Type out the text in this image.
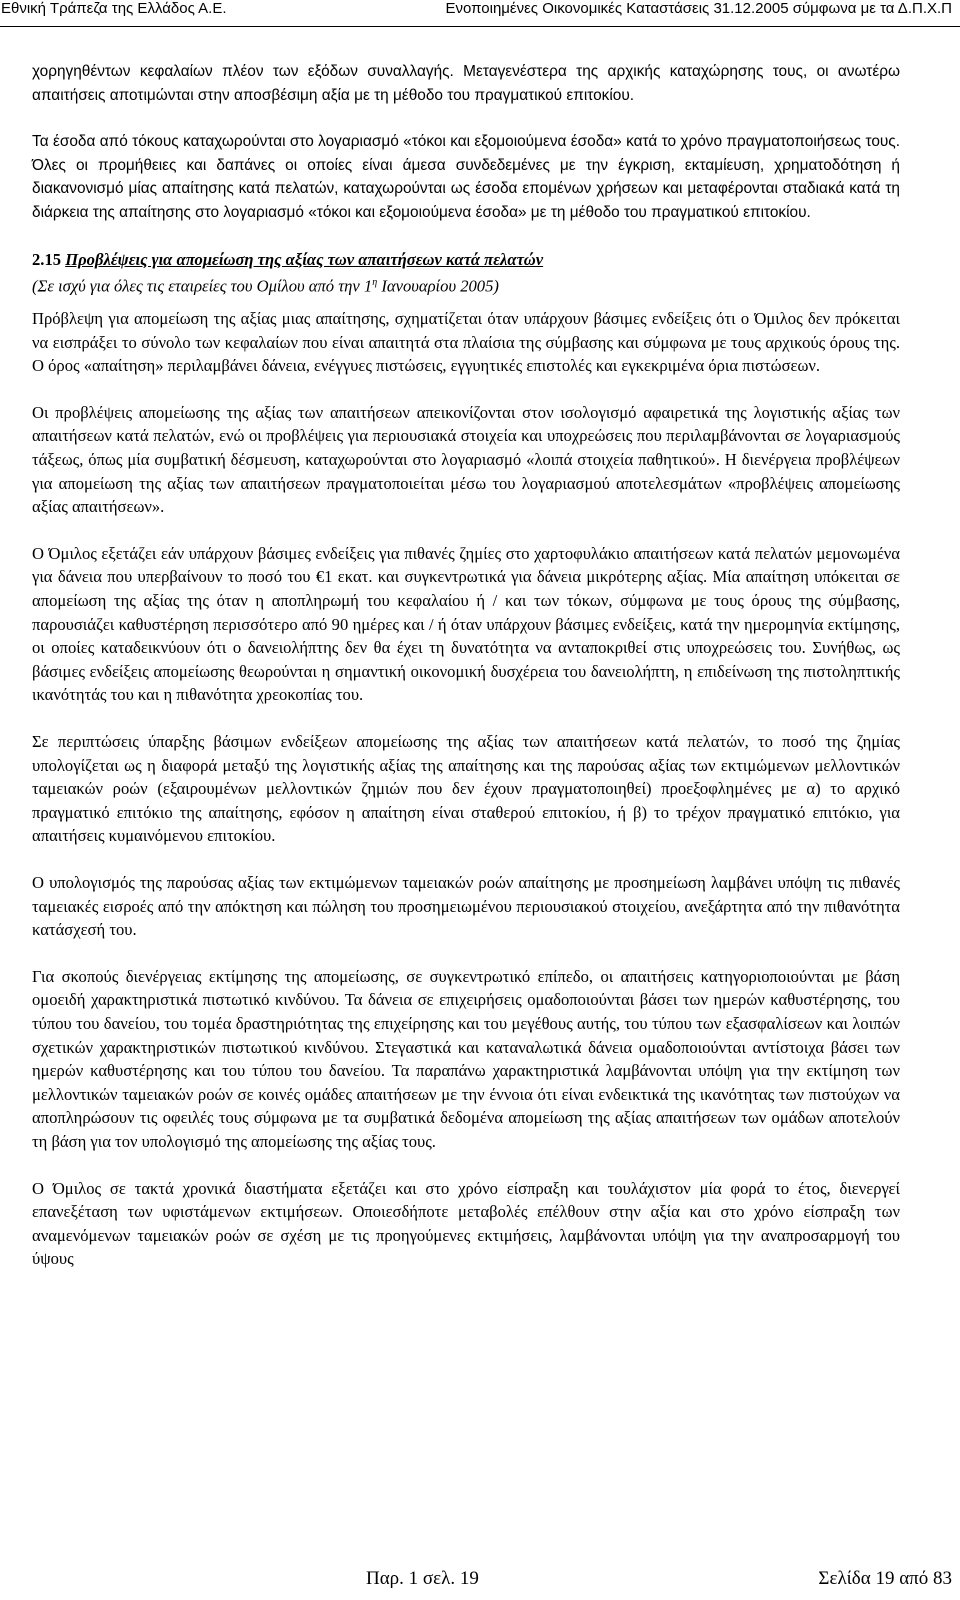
Εθνική Τράπεζα της Ελλάδος Α.Ε.	Ενοποιημένες Οικονομικές Καταστάσεις 31.12.2005 σύμφωνα με τα Δ.Π.Χ.Π

χορηγηθέντων κεφαλαίων πλέον των εξόδων συναλλαγής. Μεταγενέστερα της αρχικής καταχώρησης τους, οι ανωτέρω απαιτήσεις αποτιμώνται στην αποσβέσιμη αξία με τη μέθοδο του πραγματικού επιτοκίου.

Τα έσοδα από τόκους καταχωρούνται στο λογαριασμό «τόκοι και εξομοιούμενα έσοδα» κατά το χρόνο πραγματοποιήσεως τους. Όλες οι προμήθειες και δαπάνες οι οποίες είναι άμεσα συνδεδεμένες με την έγκριση, εκταμίευση, χρηματοδότηση ή διακανονισμό μίας απαίτησης κατά πελατών, καταχωρούνται ως έσοδα επομένων χρήσεων και μεταφέρονται σταδιακά κατά τη διάρκεια της απαίτησης στο λογαριασμό «τόκοι και εξομοιούμενα έσοδα» με τη μέθοδο του πραγματικού επιτοκίου.

2.15 Προβλέψεις για απομείωση της αξίας των απαιτήσεων κατά πελατών
(Σε ισχύ για όλες τις εταιρείες του Ομίλου από την $1^\eta$ Ιανουαρίου 2005)

Πρόβλεψη για απομείωση της αξίας μιας απαίτησης, σχηματίζεται όταν υπάρχουν βάσιμες ενδείξεις ότι ο Όμιλος δεν πρόκειται να εισπράξει το σύνολο των κεφαλαίων που είναι απαιτητά στα πλαίσια της σύμβασης και σύμφωνα με τους αρχικούς όρους της. Ο όρος «απαίτηση» περιλαμβάνει δάνεια, ενέγγυες πιστώσεις, εγγυητικές επιστολές και εγκεκριμένα όρια πιστώσεων.

Οι προβλέψεις απομείωσης της αξίας των απαιτήσεων απεικονίζονται στον ισολογισμό αφαιρετικά της λογιστικής αξίας των απαιτήσεων κατά πελατών, ενώ οι προβλέψεις για περιουσιακά στοιχεία και υποχρεώσεις που περιλαμβάνονται σε λογαριασμούς τάξεως, όπως μία συμβατική δέσμευση, καταχωρούνται στο λογαριασμό «λοιπά στοιχεία παθητικού». Η διενέργεια προβλέψεων για απομείωση της αξίας των απαιτήσεων πραγματοποιείται μέσω του λογαριασμού αποτελεσμάτων «προβλέψεις απομείωσης αξίας απαιτήσεων».

Ο Όμιλος εξετάζει εάν υπάρχουν βάσιμες ενδείξεις για πιθανές ζημίες στο χαρτοφυλάκιο απαιτήσεων κατά πελατών μεμονωμένα για δάνεια που υπερβαίνουν το ποσό του €1 εκατ. και συγκεντρωτικά για δάνεια μικρότερης αξίας. Μία απαίτηση υπόκειται σε απομείωση της αξίας της όταν η αποπληρωμή του κεφαλαίου ή / και των τόκων, σύμφωνα με τους όρους της σύμβασης, παρουσιάζει καθυστέρηση περισσότερο από 90 ημέρες και / ή όταν υπάρχουν βάσιμες ενδείξεις, κατά την ημερομηνία εκτίμησης, οι οποίες καταδεικνύουν ότι ο δανειολήπτης δεν θα έχει τη δυνατότητα να ανταποκριθεί στις υποχρεώσεις του. Συνήθως, ως βάσιμες ενδείξεις απομείωσης θεωρούνται η σημαντική οικονομική δυσχέρεια του δανειολήπτη, η επιδείνωση της πιστοληπτικής ικανότητάς του και η πιθανότητα χρεοκοπίας του.

Σε περιπτώσεις ύπαρξης βάσιμων ενδείξεων απομείωσης της αξίας των απαιτήσεων κατά πελατών, το ποσό της ζημίας υπολογίζεται ως η διαφορά μεταξύ της λογιστικής αξίας της απαίτησης και της παρούσας αξίας των εκτιμώμενων μελλοντικών ταμειακών ροών (εξαιρουμένων μελλοντικών ζημιών που δεν έχουν πραγματοποιηθεί) προεξοφλημένες με α) το αρχικό πραγματικό επιτόκιο της απαίτησης, εφόσον η απαίτηση είναι σταθερού επιτοκίου, ή β) το τρέχον πραγματικό επιτόκιο, για απαιτήσεις κυμαινόμενου επιτοκίου.

Ο υπολογισμός της παρούσας αξίας των εκτιμώμενων ταμειακών ροών απαίτησης με προσημείωση λαμβάνει υπόψη τις πιθανές ταμειακές εισροές από την απόκτηση και πώληση του προσημειωμένου περιουσιακού στοιχείου, ανεξάρτητα από την πιθανότητα κατάσχεσή του.

Για σκοπούς διενέργειας εκτίμησης της απομείωσης, σε συγκεντρωτικό επίπεδο, οι απαιτήσεις κατηγοριοποιούνται με βάση ομοειδή χαρακτηριστικά πιστωτικό κινδύνου. Τα δάνεια σε επιχειρήσεις ομαδοποιούνται βάσει των ημερών καθυστέρησης, του τύπου του δανείου, του τομέα δραστηριότητας της επιχείρησης και του μεγέθους αυτής, του τύπου των εξασφαλίσεων και λοιπών σχετικών χαρακτηριστικών πιστωτικού κινδύνου. Στεγαστικά και καταναλωτικά δάνεια ομαδοποιούνται αντίστοιχα βάσει των ημερών καθυστέρησης και του τύπου του δανείου. Τα παραπάνω χαρακτηριστικά λαμβάνονται υπόψη για την εκτίμηση των μελλοντικών ταμειακών ροών σε κοινές ομάδες απαιτήσεων με την έννοια ότι είναι ενδεικτικά της ικανότητας των πιστούχων να αποπληρώσουν τις οφειλές τους σύμφωνα με τα συμβατικά δεδομένα απομείωση της αξίας απαιτήσεων των ομάδων αποτελούν τη βάση για τον υπολογισμό της απομείωσης της αξίας τους.

Ο Όμιλος σε τακτά χρονικά διαστήματα εξετάζει και στο χρόνο είσπραξη και τουλάχιστον μία φορά το έτος, διενεργεί επανεξέταση των υφιστάμενων εκτιμήσεων. Οποιεσδήποτε μεταβολές επέλθουν στην αξία και στο χρόνο είσπραξη των αναμενόμενων ταμειακών ροών σε σχέση με τις προηγούμενες εκτιμήσεις, λαμβάνονται υπόψη για την αναπροσαρμογή του ύψους

Παρ. 1 σελ. 19	Σελίδα 19 από 83
